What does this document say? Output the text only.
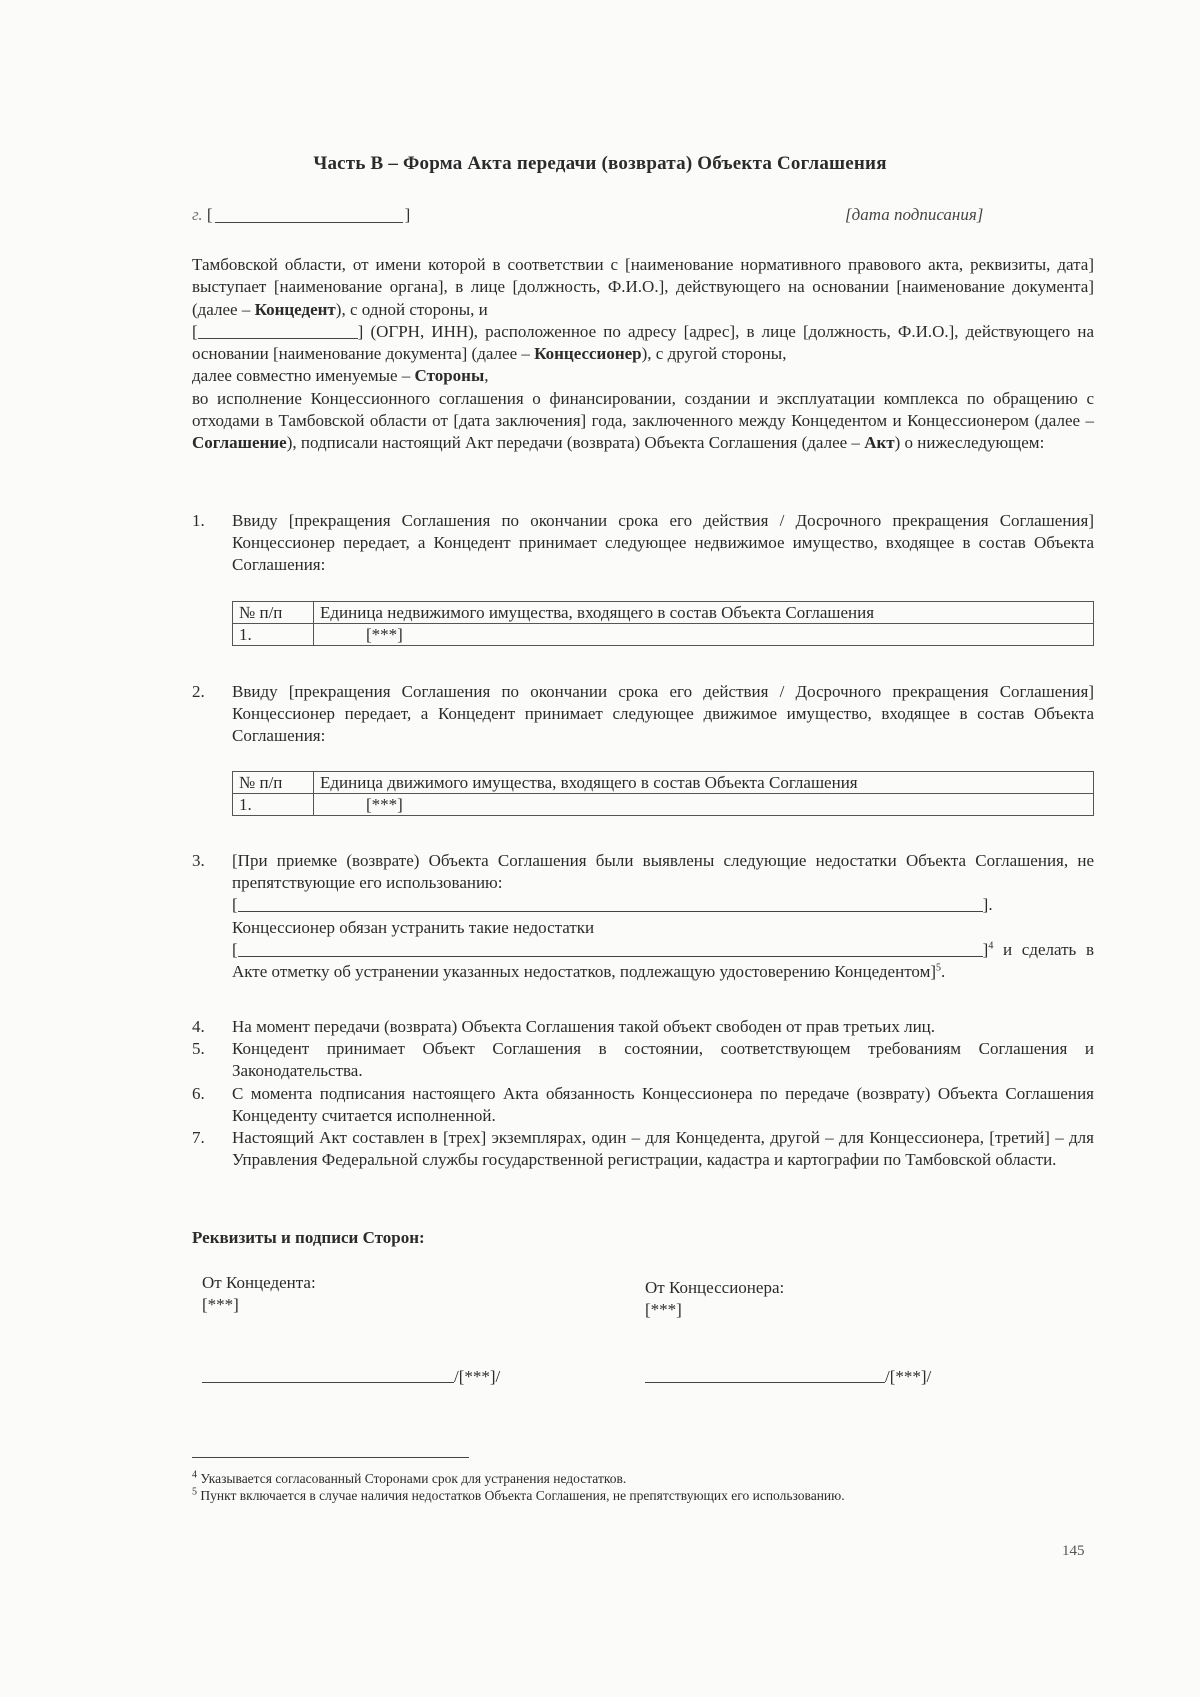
Часть B – Форма Акта передачи (возврата) Объекта Соглашения
г. [	]	[дата подписания]

Тамбовской области, от имени которой в соответствии с [наименование нормативного правового акта, реквизиты, дата] выступает [наименование органа], в лице [должность, Ф.И.О.], действующего на основании [наименование документа] (далее – Концедент), с одной стороны, и

[	] (ОГРН, ИНН), расположенное по адресу [адрес], в лице [должность, Ф.И.О.], действующего на основании [наименование документа] (далее – Концессионер), с другой стороны,

далее совместно именуемые – Стороны,

во исполнение Концессионного соглашения о финансировании, создании и эксплуатации комплекса по обращению с отходами в Тамбовской области от [дата заключения] года, заключенного между Концедентом и Концессионером (далее – Соглашение), подписали настоящий Акт передачи (возврата) Объекта Соглашения (далее – Акт) о нижеследующем:

1. Ввиду [прекращения Соглашения по окончании срока его действия / Досрочного прекращения Соглашения] Концессионер передает, а Концедент принимает следующее недвижимое имущество, входящее в состав Объекта Соглашения:
№ п/п	Единица недвижимого имущества, входящего в состав Объекта Соглашения
1.	[***]
2. Ввиду [прекращения Соглашения по окончании срока его действия / Досрочного прекращения Соглашения] Концессионер передает, а Концедент принимает следующее движимое имущество, входящее в состав Объекта Соглашения:
№ п/п	Единица движимого имущества, входящего в состав Объекта Соглашения
1.	[***]
3. [При приемке (возврате) Объекта Соглашения были выявлены следующие недостатки Объекта Соглашения, не препятствующие его использованию:
[	].

Концессионер обязан устранить такие недостатки
[	]$^4$ и сделать в Акте отметку об устранении указанных недостатков, подлежащую удостоверению Концедентом]$^5$.
4. На момент передачи (возврата) Объекта Соглашения такой объект свободен от прав третьих лиц.
5. Концедент принимает Объект Соглашения в состоянии, соответствующем требованиям Соглашения и Законодательства.
6. С момента подписания настоящего Акта обязанность Концессионера по передаче (возврату) Объекта Соглашения Концеденту считается исполненной.
7. Настоящий Акт составлен в [трех] экземплярах, один – для Концедента, другой – для Концессионера, [третий] – для Управления Федеральной службы государственной регистрации, кадастра и картографии по Тамбовской области.
Реквизиты и подписи Сторон:
От Концедента:
[***]
/[***]/
От Концессионера:
[***]
/[***]/

$^4$ Указывается согласованный Сторонами срок для устранения недостатков.

$^5$ Пункт включается в случае наличия недостатков Объекта Соглашения, не препятствующих его использованию.

145
